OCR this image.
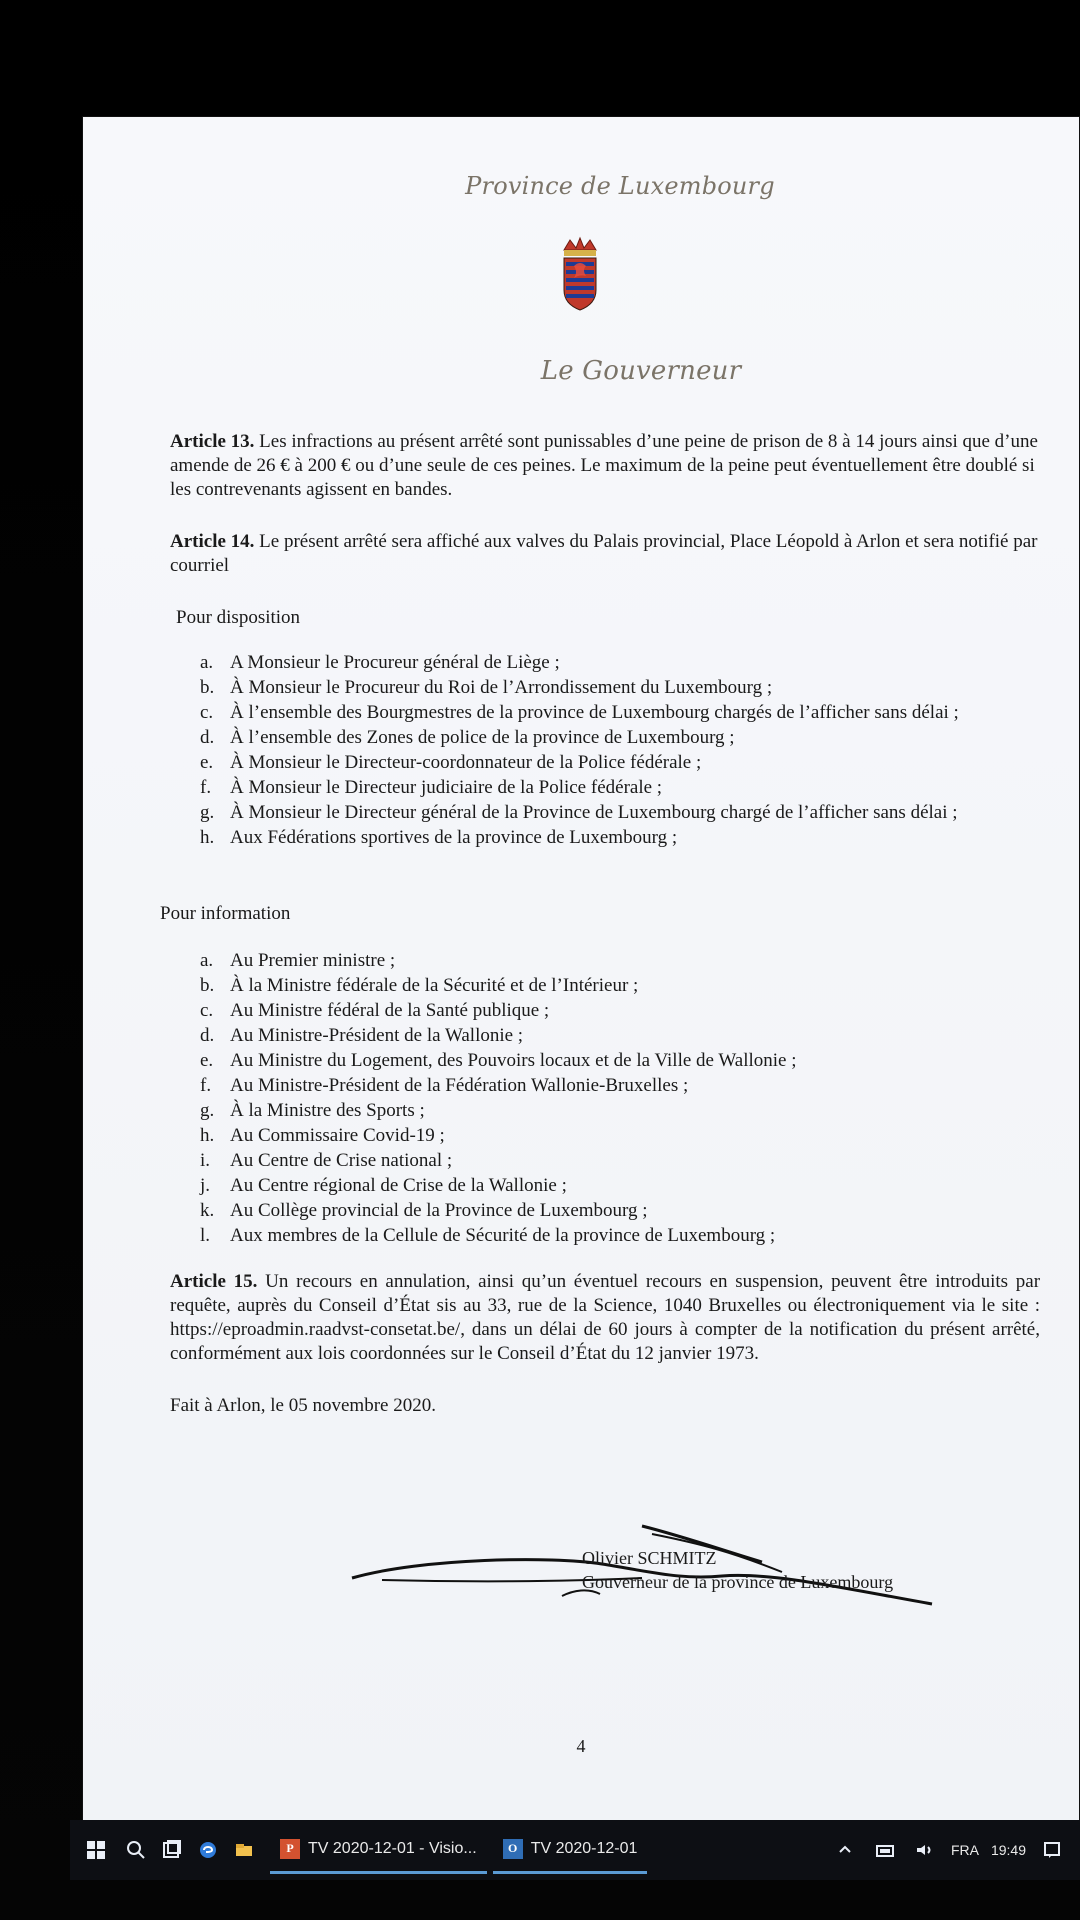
Province de Luxembourg
Le Gouverneur

Article 13. Les infractions au présent arrêté sont punissables d’une peine de prison de 8 à 14 jours ainsi que d’une amende de 26 € à 200 € ou d’une seule de ces peines. Le maximum de la peine peut éventuellement être doublé si les contrevenants agissent en bandes.

Article 14. Le présent arrêté sera affiché aux valves du Palais provincial, Place Léopold à Arlon et sera notifié par courriel

Pour disposition
a. A Monsieur le Procureur général de Liège ;
b. À Monsieur le Procureur du Roi de l’Arrondissement du Luxembourg ;
c. À l’ensemble des Bourgmestres de la province de Luxembourg chargés de l’afficher sans délai ;
d. À l’ensemble des Zones de police de la province de Luxembourg ;
e. À Monsieur le Directeur-coordonnateur de la Police fédérale ;
f. À Monsieur le Directeur judiciaire de la Police fédérale ;
g. À Monsieur le Directeur général de la Province de Luxembourg chargé de l’afficher sans délai ;
h. Aux Fédérations sportives de la province de Luxembourg ;
Pour information
a. Au Premier ministre ;
b. À la Ministre fédérale de la Sécurité et de l’Intérieur ;
c. Au Ministre fédéral de la Santé publique ;
d. Au Ministre-Président de la Wallonie ;
e. Au Ministre du Logement, des Pouvoirs locaux et de la Ville de Wallonie ;
f. Au Ministre-Président de la Fédération Wallonie-Bruxelles ;
g. À la Ministre des Sports ;
h. Au Commissaire Covid-19 ;
i.	Au Centre de Crise national ;
j.	Au Centre régional de Crise de la Wallonie ;
k. Au Collège provincial de la Province de Luxembourg ;
l.	Aux membres de la Cellule de Sécurité de la province de Luxembourg ;

Article 15. Un recours en annulation, ainsi qu’un éventuel recours en suspension, peuvent être introduits par requête, auprès du Conseil d’État sis au 33, rue de la Science, 1040 Bruxelles ou électroniquement via le site : https://eproadmin.raadvst-consetat.be/, dans un délai de 60 jours à compter de la notification du présent arrêté, conformément aux lois coordonnées sur le Conseil d’État du 12 janvier 1973.

Fait à Arlon, le 05 novembre 2020.
Olivier SCHMITZ
Gouverneur de la province de Luxembourg
4
P TV 2020-12-01 - Visio...	O TV 2020-12-01	FRA 19:49
